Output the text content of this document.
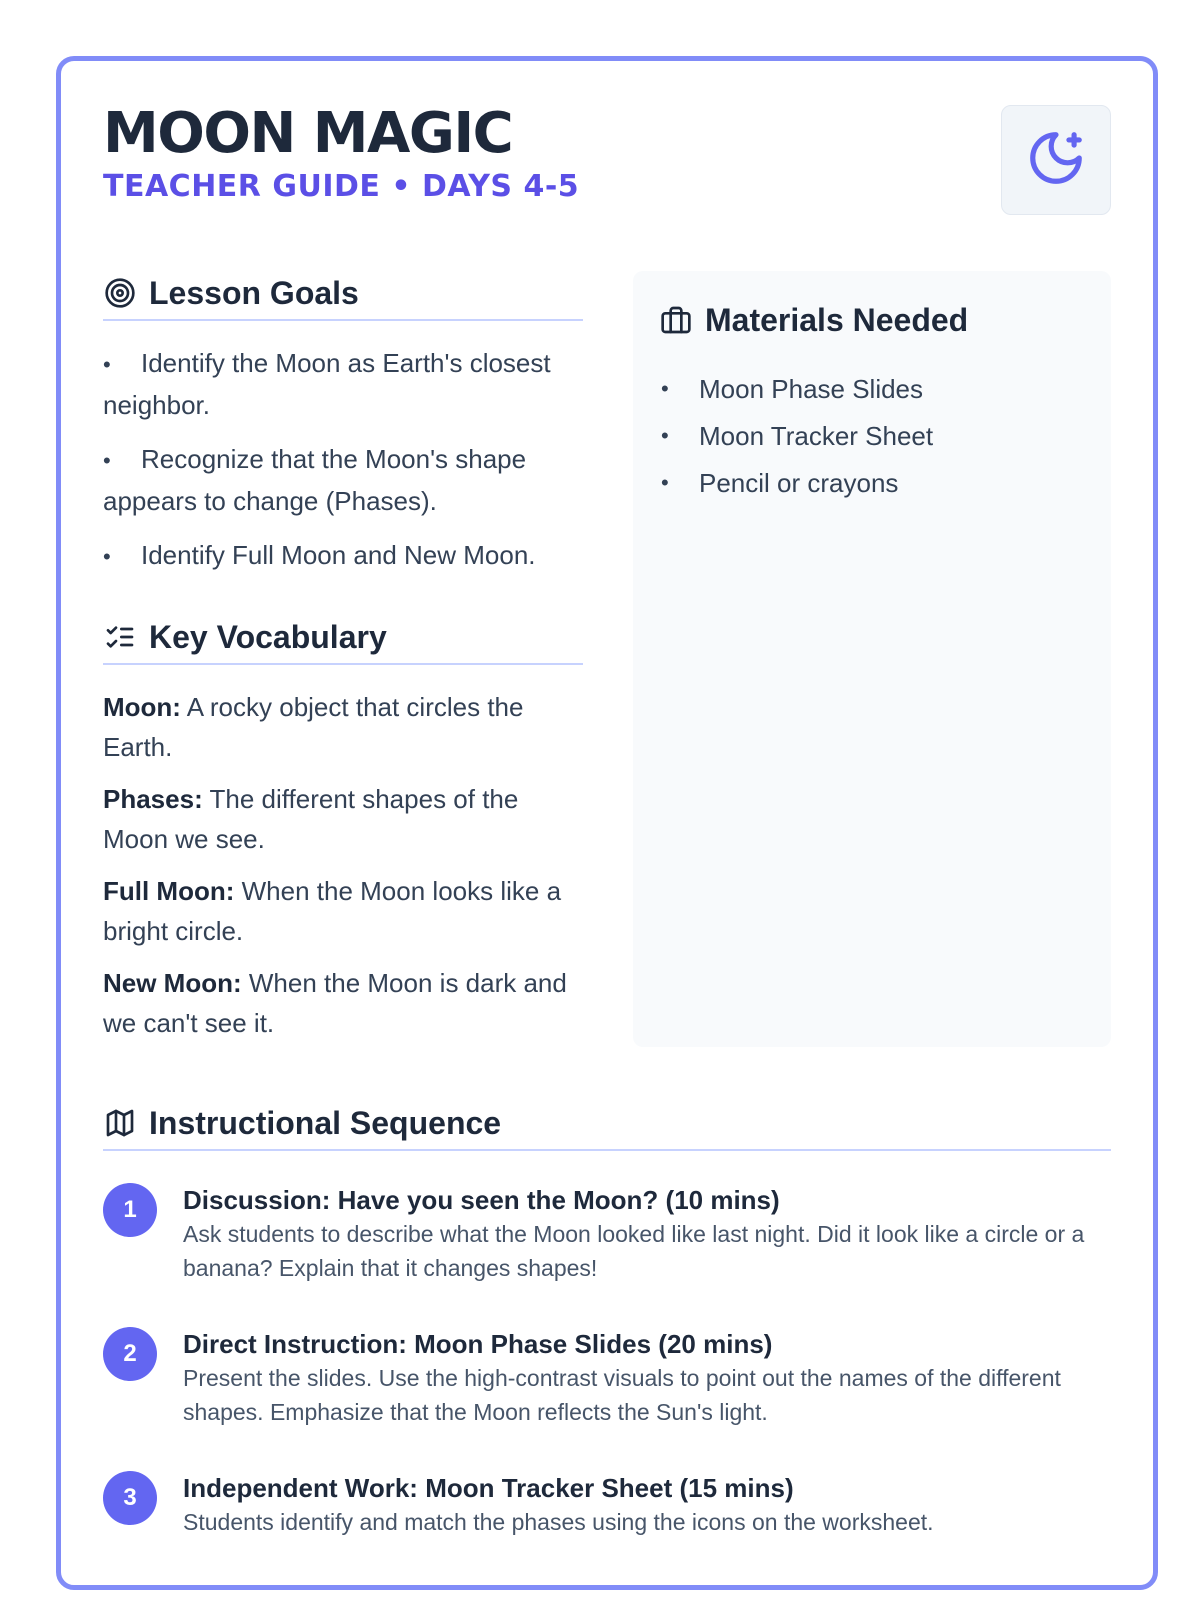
MOON MAGIC
TEACHER GUIDE • DAYS 4-5
Lesson Goals
• Identify the Moon as Earth's closest neighbor.
• Recognize that the Moon's shape appears to change (Phases).
• Identify Full Moon and New Moon.
Key Vocabulary

Moon: A rocky object that circles the Earth.

Phases: The different shapes of the Moon we see.

Full Moon: When the Moon looks like a bright circle.

New Moon: When the Moon is dark and we can't see it.

Materials Needed
•	Moon Phase Slides
•	Moon Tracker Sheet
•	Pencil or crayons
Instructional Sequence
1	Discussion: Have you seen the Moon? (10 mins)
Ask students to describe what the Moon looked like last night. Did it look like a circle or a banana? Explain that it changes shapes!
2	Direct Instruction: Moon Phase Slides (20 mins)
Present the slides. Use the high-contrast visuals to point out the names of the different shapes. Emphasize that the Moon reflects the Sun's light.
3	Independent Work: Moon Tracker Sheet (15 mins)
Students identify and match the phases using the icons on the worksheet.
